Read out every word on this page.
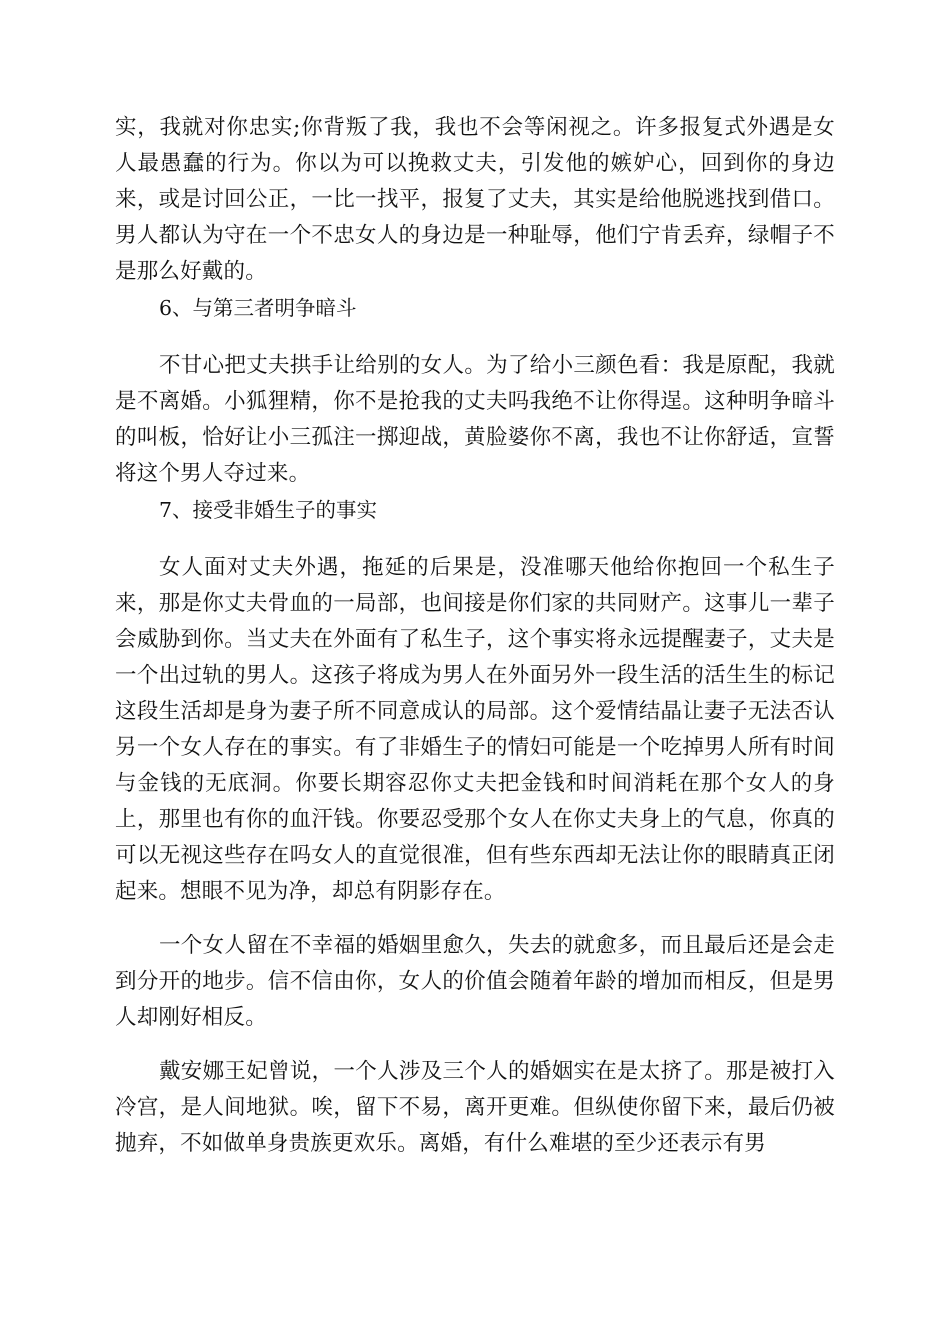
实，我就对你忠实;你背叛了我，我也不会等闲视之。许多报复式外遇是女人最愚蠢的行为。你以为可以挽救丈夫，引发他的嫉妒心，回到你的身边来，或是讨回公正，一比一找平，报复了丈夫，其实是给他脱逃找到借口。男人都认为守在一个不忠女人的身边是一种耻辱，他们宁肯丢弃，绿帽子不是那么好戴的。

6、与第三者明争暗斗

不甘心把丈夫拱手让给别的女人。为了给小三颜色看：我是原配，我就是不离婚。小狐狸精，你不是抢我的丈夫吗我绝不让你得逞。这种明争暗斗的叫板，恰好让小三孤注一掷迎战，黄脸婆你不离，我也不让你舒适，宣誓将这个男人夺过来。

7、接受非婚生子的事实

女人面对丈夫外遇，拖延的后果是，没准哪天他给你抱回一个私生子来，那是你丈夫骨血的一局部，也间接是你们家的共同财产。这事儿一辈子会威胁到你。当丈夫在外面有了私生子，这个事实将永远提醒妻子，丈夫是一个出过轨的男人。这孩子将成为男人在外面另外一段生活的活生生的标记这段生活却是身为妻子所不同意成认的局部。这个爱情结晶让妻子无法否认另一个女人存在的事实。有了非婚生子的情妇可能是一个吃掉男人所有时间与金钱的无底洞。你要长期容忍你丈夫把金钱和时间消耗在那个女人的身上，那里也有你的血汗钱。你要忍受那个女人在你丈夫身上的气息，你真的可以无视这些存在吗女人的直觉很准，但有些东西却无法让你的眼睛真正闭起来。想眼不见为净，却总有阴影存在。

一个女人留在不幸福的婚姻里愈久，失去的就愈多，而且最后还是会走到分开的地步。信不信由你，女人的价值会随着年龄的增加而相反，但是男人却刚好相反。

戴安娜王妃曾说，一个人涉及三个人的婚姻实在是太挤了。那是被打入冷宫，是人间地狱。唉，留下不易，离开更难。但纵使你留下来，最后仍被抛弃，不如做单身贵族更欢乐。离婚，有什么难堪的至少还表示有男
